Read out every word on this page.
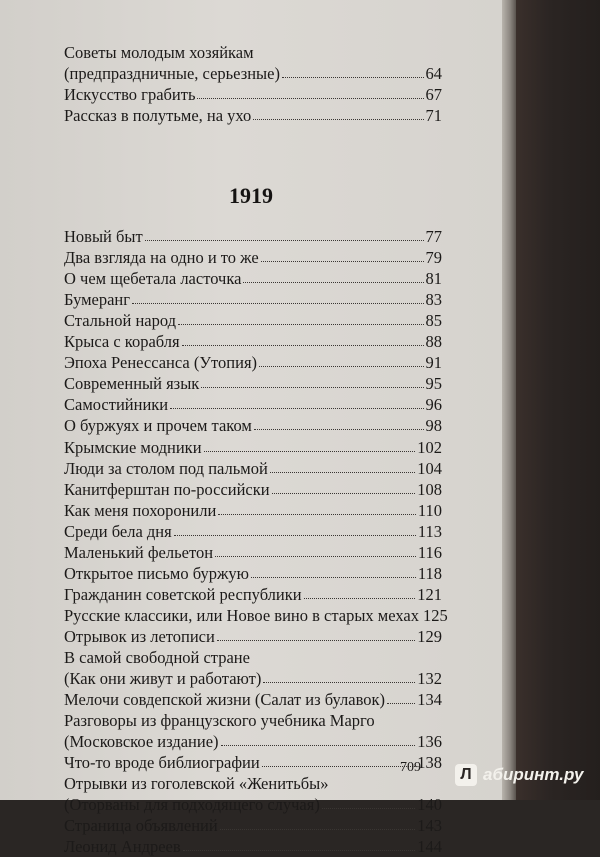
Советы молодым хозяйкам
(предпраздничные, серьезные)	64
Искусство грабить	67
Рассказ в полутьме, на ухо	71
1919
Новый быт	77
Два взгляда на одно и то же	79
О чем щебетала ласточка	81
Бумеранг	83
Стальной народ	85
Крыса с корабля	88
Эпоха Ренессанса (Утопия)	91
Современный язык	95
Самостийники	96
О буржуях и прочем таком	98
Крымские модники	102
Люди за столом под пальмой	104
Канитферштан по-российски	108
Как меня похоронили	110
Среди бела дня	113
Маленький фельетон	116
Открытое письмо буржую	118
Гражданин советской республики	121
Русские классики, или Новое вино в старых мехах 125
Отрывок из летописи	129
В самой свободной стране
(Как они живут и работают)	132
Мелочи совдепской жизни (Салат из булавок) 134
Разговоры из французского учебника Марго
(Московское издание)	136
Что-то вроде библиографии	138
Отрывки из гоголевской «Женитьбы»
(Оторваны для подходящего случая)	140
Страница объявлений	143
Леонид Андреев	144
709	Л абиринт.ру
